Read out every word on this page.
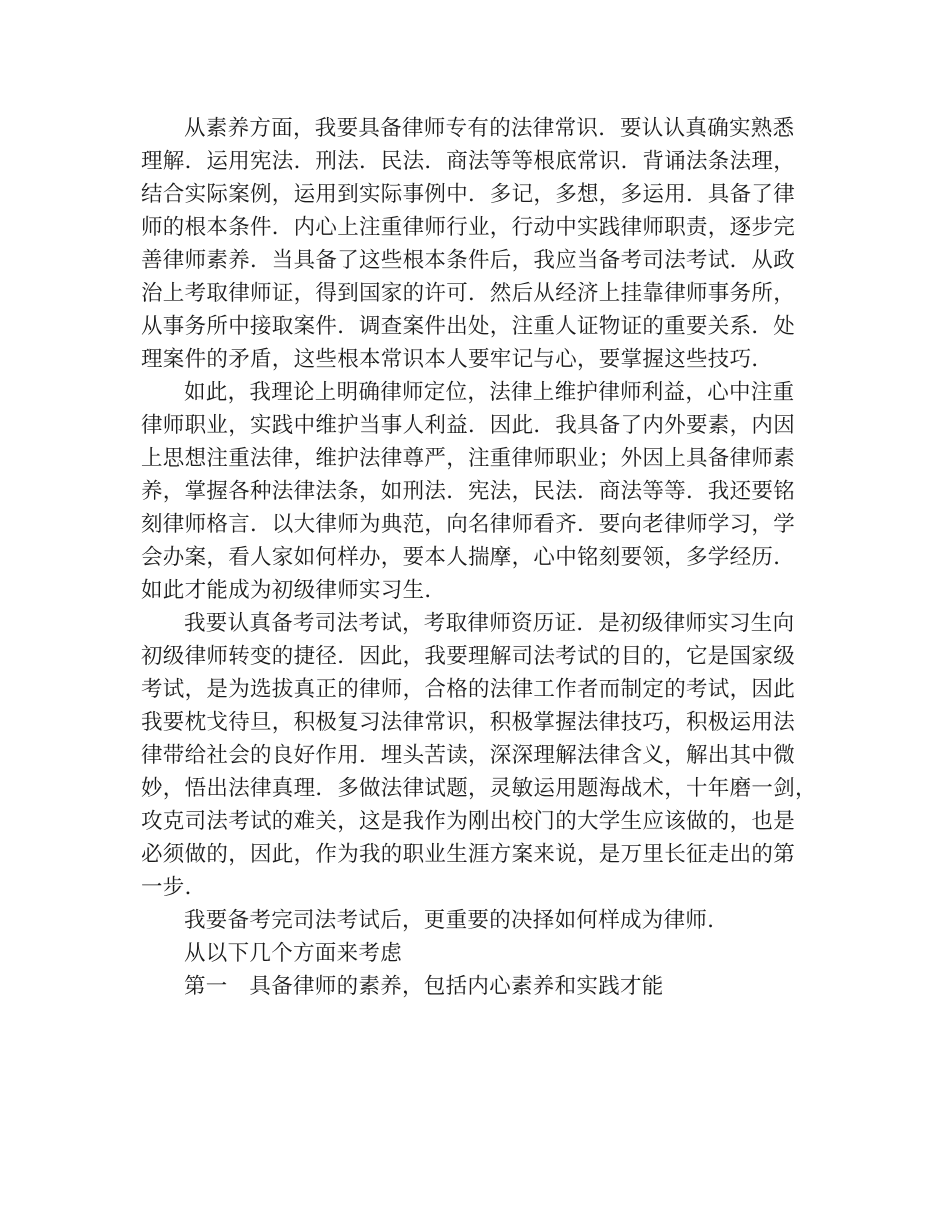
从素养方面，我要具备律师专有的法律常识．要认认真确实熟悉
理解．运用宪法．刑法．民法．商法等等根底常识．背诵法条法理，
结合实际案例，运用到实际事例中．多记，多想，多运用．具备了律
师的根本条件．内心上注重律师行业，行动中实践律师职责，逐步完
善律师素养．当具备了这些根本条件后，我应当备考司法考试．从政
治上考取律师证，得到国家的许可．然后从经济上挂靠律师事务所，
从事务所中接取案件．调查案件出处，注重人证物证的重要关系．处
理案件的矛盾，这些根本常识本人要牢记与心，要掌握这些技巧．
如此，我理论上明确律师定位，法律上维护律师利益，心中注重
律师职业，实践中维护当事人利益．因此．我具备了内外要素，内因
上思想注重法律，维护法律尊严，注重律师职业；外因上具备律师素
养，掌握各种法律法条，如刑法．宪法，民法．商法等等．我还要铭
刻律师格言．以大律师为典范，向名律师看齐．要向老律师学习，学
会办案，看人家如何样办，要本人揣摩，心中铭刻要领，多学经历．
如此才能成为初级律师实习生．
我要认真备考司法考试，考取律师资历证．是初级律师实习生向
初级律师转变的捷径．因此，我要理解司法考试的目的，它是国家级
考试，是为选拔真正的律师，合格的法律工作者而制定的考试，因此
我要枕戈待旦，积极复习法律常识，积极掌握法律技巧，积极运用法
律带给社会的良好作用．埋头苦读，深深理解法律含义，解出其中微
妙，悟出法律真理．多做法律试题，灵敏运用题海战术，十年磨一剑，
攻克司法考试的难关，这是我作为刚出校门的大学生应该做的，也是
必须做的，因此，作为我的职业生涯方案来说，是万里长征走出的第
一步．
我要备考完司法考试后，更重要的决择如何样成为律师．
从以下几个方面来考虑
第一　具备律师的素养，包括内心素养和实践才能
